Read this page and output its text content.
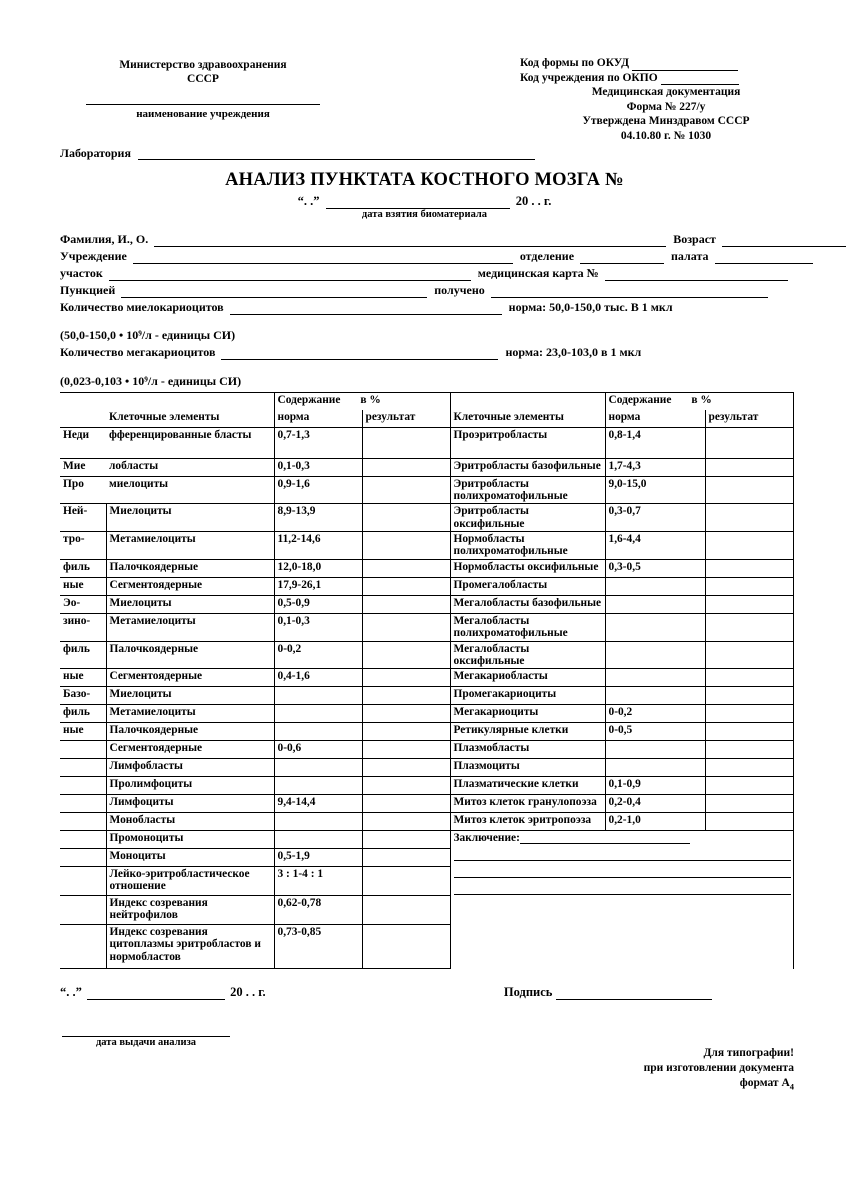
Министерство здравоохранения
СССР
наименование учреждения
Код формы по ОКУД
Код учреждения по ОКПО
Медицинская документация
Форма № 227/у
Утверждена Минздравом СССР
04.10.80 г. № 1030
Лаборатория
АНАЛИЗ ПУНКТАТА КОСТНОГО МОЗГА №
“. .”	20 . . г.
дата взятия биоматериала
Фамилия, И., О.	Возраст
Учреждение	отделение	палата
участок	медицинская карта №
Пункцией	получено
Количество миелокариоцитов	норма: 50,0-150,0 тыс. В 1 мкл
(50,0-150,0 • 10⁹/л - единицы СИ)
Количество мегакариоцитов	норма: 23,0-103,0 в 1 мкл
(0,023-0,103 • 10⁹/л - единицы СИ)
		Содержание в %			Содержание в %	
	Клеточные элементы	норма	результат	Клеточные элементы	норма	результат
Неди	фференцированные бласты	0,7-1,3		Проэритробласты	0,8-1,4	
Мие	лобласты	0,1-0,3		Эритробласты базофильные	1,7-4,3	
Про	миелоциты	0,9-1,6		Эритробласты полихроматофильные	9,0-15,0	
Ней-	Миелоциты	8,9-13,9		Эритробласты оксифильные	0,3-0,7	
тро-	Метамиелоциты	11,2-14,6		Нормобласты полихроматофильные	1,6-4,4	
филь	Палочкоядерные	12,0-18,0		Нормобласты оксифильные	0,3-0,5	
ные	Сегментоядерные	17,9-26,1		Промегалобласты		
Эо-	Миелоциты	0,5-0,9		Мегалобласты базофильные		
зино-	Метамиелоциты	0,1-0,3		Мегалобласты полихроматофильные		
филь	Палочкоядерные	0-0,2		Мегалобласты оксифильные		
ные	Сегментоядерные	0,4-1,6		Мегакариобласты		
Базо-	Миелоциты			Промегакариоциты		
филь	Метамиелоциты			Мегакариоциты	0-0,2	
ные	Палочкоядерные			Ретикулярные клетки	0-0,5	
	Сегментоядерные	0-0,6		Плазмобласты		
	Лимфобласты			Плазмоциты		
	Пролимфоциты			Плазматические клетки	0,1-0,9	
	Лимфоциты	9,4-14,4		Митоз клеток гранулопоэза	0,2-0,4	
	Монобласты			Митоз клеток эритропоэза	0,2-1,0	
	Промоноциты			Заключение:		

	Моноциты	0,5-1,9				
	Лейко-эритробластическое отношение	3 : 1-4 : 1				
	Индекс созревания нейтрофилов	0,62-0,78				
	Индекс созревания цитоплазмы эритробластов и нормобластов	0,73-0,85				
“. .”	20 . . г.	Подпись
дата выдачи анализа
Для типографии!
при изготовлении документа
формат $А_4$
